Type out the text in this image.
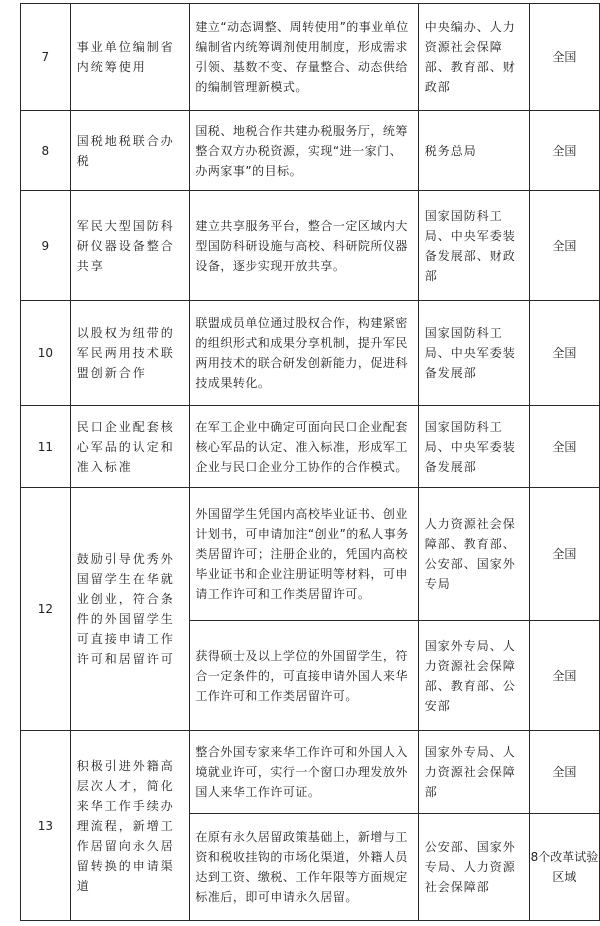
7	事业单位编制省内统筹使用	建立“动态调整、周转使用”的事业单位编制省内统筹调剂使用制度，形成需求引领、基数不变、存量整合、动态供给的编制管理新模式。	中央编办、人力资源社会保障部、教育部、财政部	全国
8	国税地税联合办税	国税、地税合作共建办税服务厅，统筹整合双方办税资源，实现“进一家门、办两家事”的目标。	税务总局	全国
9	军民大型国防科研仪器设备整合共享	建立共享服务平台，整合一定区域内大型国防科研设施与高校、科研院所仪器设备，逐步实现开放共享。	国家国防科工局、中央军委装备发展部、财政部	全国
10	以股权为纽带的军民两用技术联盟创新合作	联盟成员单位通过股权合作，构建紧密的组织形式和成果分享机制，提升军民两用技术的联合研发创新能力，促进科技成果转化。	国家国防科工局、中央军委装备发展部	全国
11	民口企业配套核心军品的认定和准入标准	在军工企业中确定可面向民口企业配套核心军品的认定、准入标准，形成军工企业与民口企业分工协作的合作模式。	国家国防科工局、中央军委装备发展部	全国
12	鼓励引导优秀外国留学生在华就业创业，符合条件的外国留学生可直接申请工作许可和居留许可	外国留学生凭国内高校毕业证书、创业计划书，可申请加注“创业”的私人事务类居留许可；注册企业的，凭国内高校毕业证书和企业注册证明等材料，可申请工作许可和工作类居留许可。	人力资源社会保障部、教育部、公安部、国家外专局	全国
		获得硕士及以上学位的外国留学生，符合一定条件的，可直接申请外国人来华工作许可和工作类居留许可。	国家外专局、人力资源社会保障部、教育部、公安部	全国
13	积极引进外籍高层次人才，简化来华工作手续办理流程，新增工作居留向永久居留转换的申请渠道	整合外国专家来华工作许可和外国人入境就业许可，实行一个窗口办理发放外国人来华工作许可证。	国家外专局、人力资源社会保障部	全国
		在原有永久居留政策基础上，新增与工资和税收挂钩的市场化渠道，外籍人员达到工资、缴税、工作年限等方面规定标准后，即可申请永久居留。	公安部、国家外专局、人力资源社会保障部	8个改革试验区域
